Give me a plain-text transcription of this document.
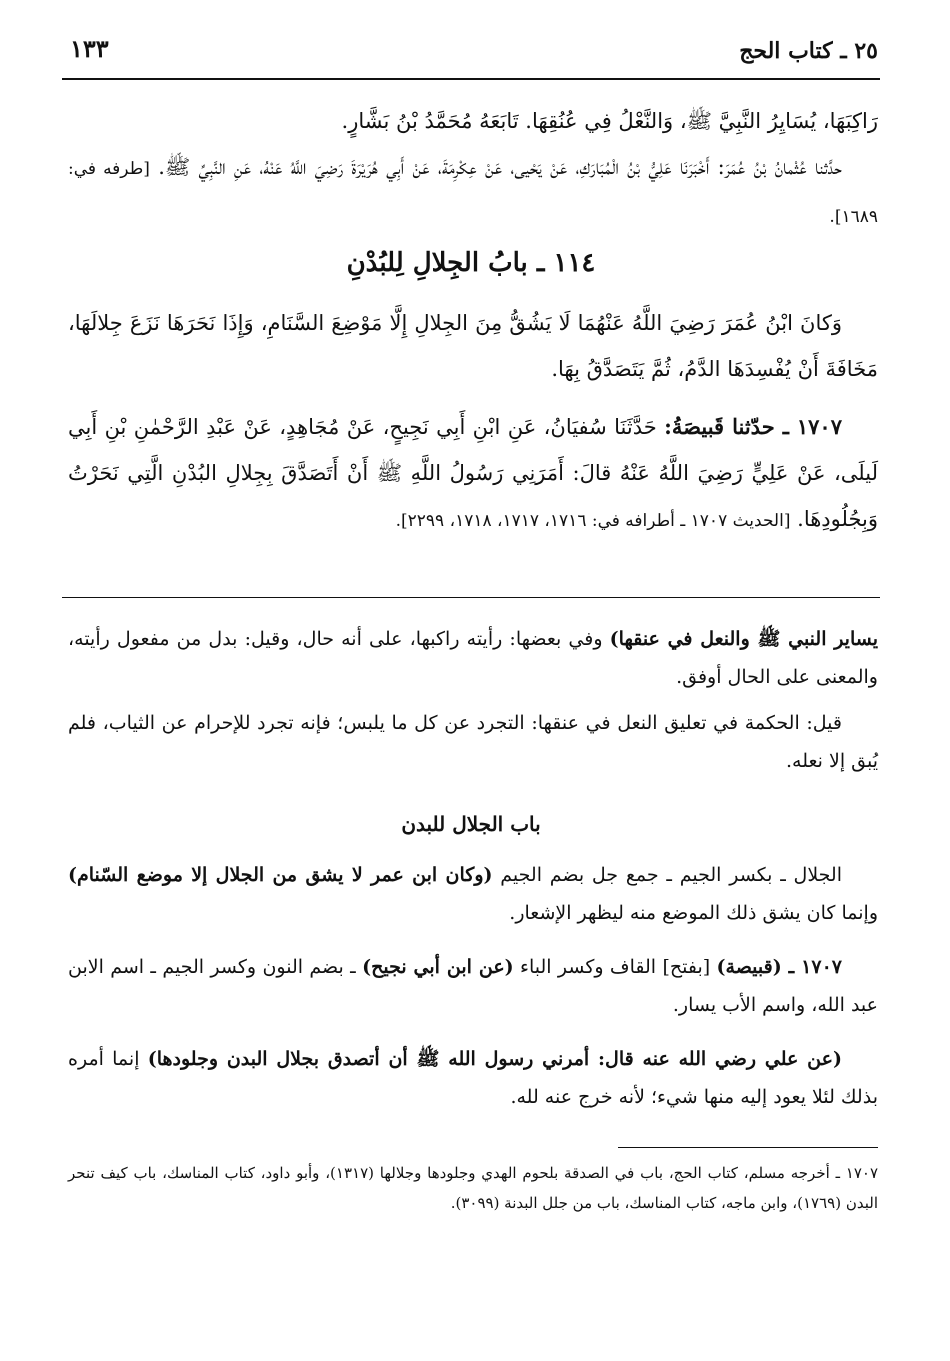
٢٥ ـ كتاب الحج
١٣٣

رَاكِبَهَا، يُسَايِرُ النَّبِيَّ ﷺ، وَالنَّعْلُ فِي عُنُقِهَا. تَابَعَهُ مُحَمَّدُ بْنُ بَشَّارٍ.

حدَّثنا عُثْمانُ بْنُ عُمَرَ: أَخْبَرَنَا عَلِيُّ بْنُ الْمُبَارَكِ، عَنْ يَحْيى، عَنْ عِكْرِمَةَ، عَنْ أَبِي هُرَيْرَةَ رَضِيَ اللَّهُ عَنْهُ، عَنِ النَّبِيِّ ﷺ. [طرفه في: ١٦٨٩].

١١٤ ـ بابُ الجِلالِ لِلبُدْنِ

وَكانَ ابْنُ عُمَرَ رَضِيَ اللَّهُ عَنْهُمَا لَا يَشُقُّ مِنَ الجِلالِ إِلَّا مَوْضِعَ السَّنَامِ، وَإِذَا نَحَرَهَا نَزَعَ جِلالَهَا، مَخَافَةَ أَنْ يُفْسِدَهَا الدَّمُ، ثُمَّ يَتَصَدَّقُ بِهَا.

١٧٠٧ ـ حدّثنا قَبيصَةُ: حَدَّثَنَا سُفيَانُ، عَنِ ابْنِ أَبِي نَجِيحٍ، عَنْ مُجَاهِدٍ، عَنْ عَبْدِ الرَّحْمٰنِ بْنِ أَبِي لَيلَى، عَنْ عَلِيٍّ رَضِيَ اللَّهُ عَنْهُ قالَ: أَمَرَنِي رَسُولُ اللَّهِ ﷺ أَنْ أَتَصَدَّقَ بِجِلالِ البُدْنِ الَّتِي نَحَرْتُ وَبِجُلُودِهَا. [الحديث ١٧٠٧ ـ أطرافه في: ١٧١٦، ١٧١٧، ١٧١٨، ٢٢٩٩].

يساير النبي ﷺ والنعل في عنقها) وفي بعضها: رأيته راكبها، على أنه حال، وقيل: بدل من مفعول رأيته، والمعنى على الحال أوفق.

قيل: الحكمة في تعليق النعل في عنقها: التجرد عن كل ما يلبس؛ فإنه تجرد للإحرام عن الثياب، فلم يُبق إلا نعله.

باب الجلال للبدن

الجلال ـ بكسر الجيم ـ جمع جل بضم الجيم (وكان ابن عمر لا يشق من الجلال إلا موضع السّنام) وإنما كان يشق ذلك الموضع منه ليظهر الإشعار.

١٧٠٧ ـ (قبيصة) [بفتح] القاف وكسر الباء (عن ابن أبي نجيح) ـ بضم النون وكسر الجيم ـ اسم الابن عبد الله، واسم الأب يسار.

(عن علي رضي الله عنه قال: أمرني رسول الله ﷺ أن أتصدق بجلال البدن وجلودها) إنما أمره بذلك لئلا يعود إليه منها شيء؛ لأنه خرج عنه لله.

١٧٠٧ ـ أخرجه مسلم، كتاب الحج، باب في الصدقة بلحوم الهدي وجلودها وجلالها (١٣١٧)، وأبو داود، كتاب المناسك، باب كيف تنحر البدن (١٧٦٩)، وابن ماجه، كتاب المناسك، باب من جلل البدنة (٣٠٩٩).
